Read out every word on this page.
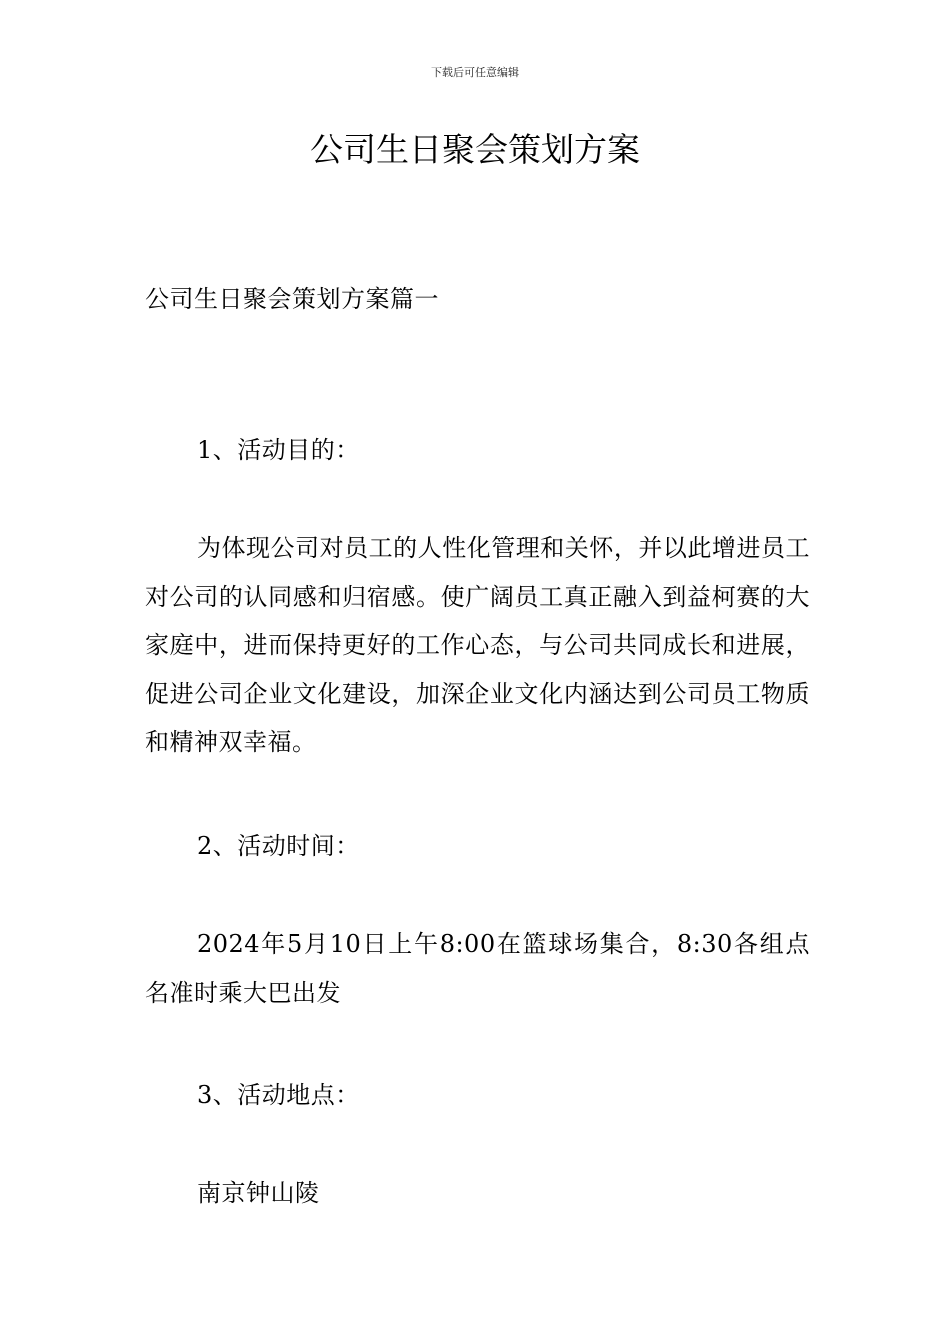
下载后可任意编辑
公司生日聚会策划方案

公司生日聚会策划方案篇一

1、活动目的：

为体现公司对员工的人性化管理和关怀，并以此增进员工对公司的认同感和归宿感。使广阔员工真正融入到益柯赛的大家庭中，进而保持更好的工作心态，与公司共同成长和进展，促进公司企业文化建设，加深企业文化内涵达到公司员工物质和精神双幸福。

2、活动时间：

2024年5月10日上午8:00在篮球场集合，8:30各组点名准时乘大巴出发

3、活动地点：

南京钟山陵
